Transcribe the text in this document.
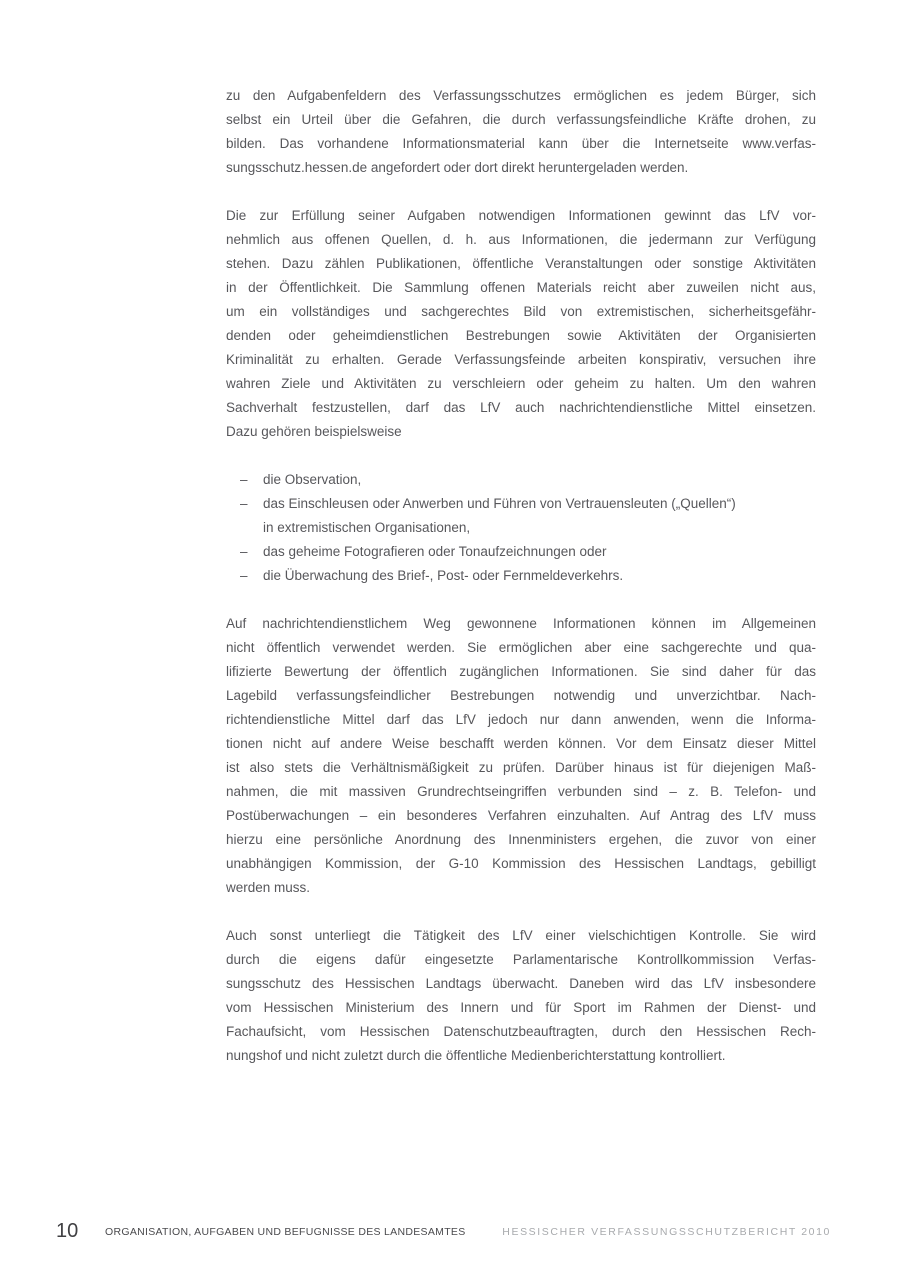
zu den Aufgabenfeldern des Verfassungsschutzes ermöglichen es jedem Bürger, sich
selbst ein Urteil über die Gefahren, die durch verfassungsfeindliche Kräfte drohen, zu
bilden. Das vorhandene Informationsmaterial kann über die Internetseite www.verfas-
sungsschutz.hessen.de angefordert oder dort direkt heruntergeladen werden.
Die zur Erfüllung seiner Aufgaben notwendigen Informationen gewinnt das LfV vor-
nehmlich aus offenen Quellen, d. h. aus Informationen, die jedermann zur Verfügung
stehen. Dazu zählen Publikationen, öffentliche Veranstaltungen oder sonstige Aktivitäten
in der Öffentlichkeit. Die Sammlung offenen Materials reicht aber zuweilen nicht aus,
um ein vollständiges und sachgerechtes Bild von extremistischen, sicherheitsgefähr-
denden oder geheimdienstlichen Bestrebungen sowie Aktivitäten der Organisierten
Kriminalität zu erhalten. Gerade Verfassungsfeinde arbeiten konspirativ, versuchen ihre
wahren Ziele und Aktivitäten zu verschleiern oder geheim zu halten. Um den wahren
Sachverhalt festzustellen, darf das LfV auch nachrichtendienstliche Mittel einsetzen.
Dazu gehören beispielsweise
–	die Observation,
–	das Einschleusen oder Anwerben und Führen von Vertrauensleuten („Quellen“)
in extremistischen Organisationen,
–	das geheime Fotografieren oder Tonaufzeichnungen oder
–	die Überwachung des Brief-, Post- oder Fernmeldeverkehrs.
Auf nachrichtendienstlichem Weg gewonnene Informationen können im Allgemeinen
nicht öffentlich verwendet werden. Sie ermöglichen aber eine sachgerechte und qua-
lifizierte Bewertung der öffentlich zugänglichen Informationen. Sie sind daher für das
Lagebild verfassungsfeindlicher Bestrebungen notwendig und unverzichtbar. Nach-
richtendienstliche Mittel darf das LfV jedoch nur dann anwenden, wenn die Informa-
tionen nicht auf andere Weise beschafft werden können. Vor dem Einsatz dieser Mittel
ist also stets die Verhältnismäßigkeit zu prüfen. Darüber hinaus ist für diejenigen Maß-
nahmen, die mit massiven Grundrechtseingriffen verbunden sind – z. B. Telefon- und
Postüberwachungen – ein besonderes Verfahren einzuhalten. Auf Antrag des LfV muss
hierzu eine persönliche Anordnung des Innenministers ergehen, die zuvor von einer
unabhängigen Kommission, der G-10 Kommission des Hessischen Landtags, gebilligt
werden muss.
Auch sonst unterliegt die Tätigkeit des LfV einer vielschichtigen Kontrolle. Sie wird
durch die eigens dafür eingesetzte Parlamentarische Kontrollkommission Verfas-
sungsschutz des Hessischen Landtags überwacht. Daneben wird das LfV insbesondere
vom Hessischen Ministerium des Innern und für Sport im Rahmen der Dienst- und
Fachaufsicht, vom Hessischen Datenschutzbeauftragten, durch den Hessischen Rech-
nungshof und nicht zuletzt durch die öffentliche Medienberichterstattung kontrolliert.
10	ORGANISATION, AUFGABEN UND BEFUGNISSE DES LANDESAMTES	HESSISCHER VERFASSUNGSSCHUTZBERICHT 2010
